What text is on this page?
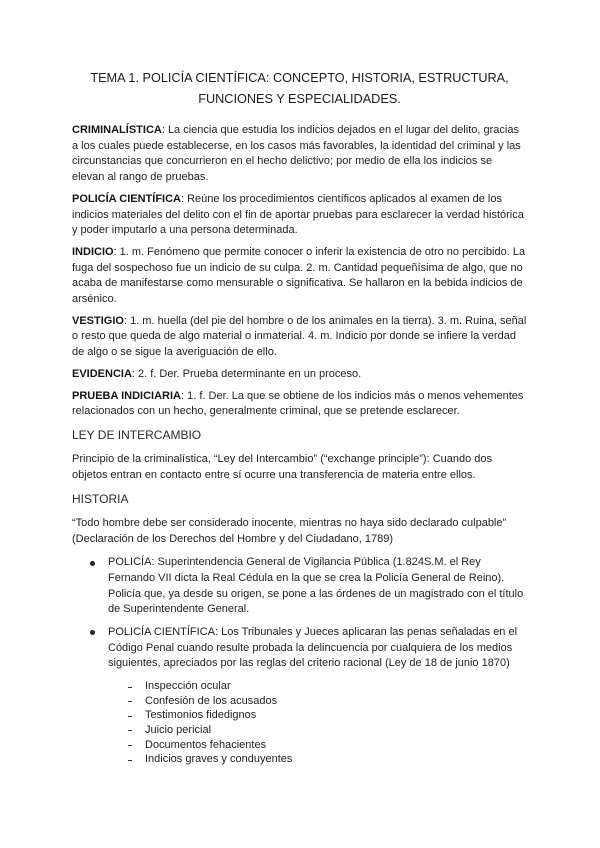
TEMA 1. POLICÍA CIENTÍFICA: CONCEPTO, HISTORIA, ESTRUCTURA,
FUNCIONES Y ESPECIALIDADES.

CRIMINALÍSTICA: La ciencia que estudia los indicios dejados en el lugar del delito, gracias a los cuales puede establecerse, en los casos más favorables, la identidad del criminal y las circunstancias que concurrieron en el hecho delictivo; por medio de ella los indicios se elevan al rango de pruebas.

POLICÍA CIENTÍFICA: Reúne los procedimientos científicos aplicados al examen de los indicios materiales del delito con el fin de aportar pruebas para esclarecer la verdad histórica y poder imputarlo a una persona determinada.

INDICIO: 1. m. Fenómeno que permite conocer o inferir la existencia de otro no percibido. La fuga del sospechoso fue un indicio de su culpa. 2. m. Cantidad pequeñísima de algo, que no acaba de manifestarse como mensurable o significativa. Se hallaron en la bebida indicios de arsénico.

VESTIGIO: 1. m. huella (del pie del hombre o de los animales en la tierra). 3. m. Ruina, señal o resto que queda de algo material o inmaterial. 4. m. Indicio por donde se infiere la verdad de algo o se sigue la averiguación de ello.

EVIDENCIA: 2. f. Der. Prueba determinante en un proceso.

PRUEBA INDICIARIA: 1. f. Der. La que se obtiene de los indicios más o menos vehementes relacionados con un hecho, generalmente criminal, que se pretende esclarecer.

LEY DE INTERCAMBIO

Principio de la criminalística, “Ley del Intercambio” (“exchange principle”): Cuando dos objetos entran en contacto entre sí ocurre una transferencia de materia entre ellos.

HISTORIA

“Todo hombre debe ser considerado inocente, mientras no haya sido declarado culpable” (Declaración de los Derechos del Hombre y del Ciudadano, 1789)

POLICÍA: Superintendencia General de Vigilancia Pública (1.824S.M. el Rey Fernando VII dicta la Real Cédula en la que se crea la Policía General de Reino). Policía que, ya desde su origen, se pone a las órdenes de un magistrado con el título de Superintendente General.
POLICÍA CIENTÍFICA: Los Tribunales y Jueces aplicaran las penas señaladas en el Código Penal cuando resulte probada la delincuencia por cualquiera de los medios siguientes, apreciados por las reglas del criterio racional (Ley de 18 de junio 1870)
Inspección ocular
Confesión de los acusados
Testimonios fidedignos
Juicio pericial
Documentos fehacientes
Indicios graves y conduyentes
